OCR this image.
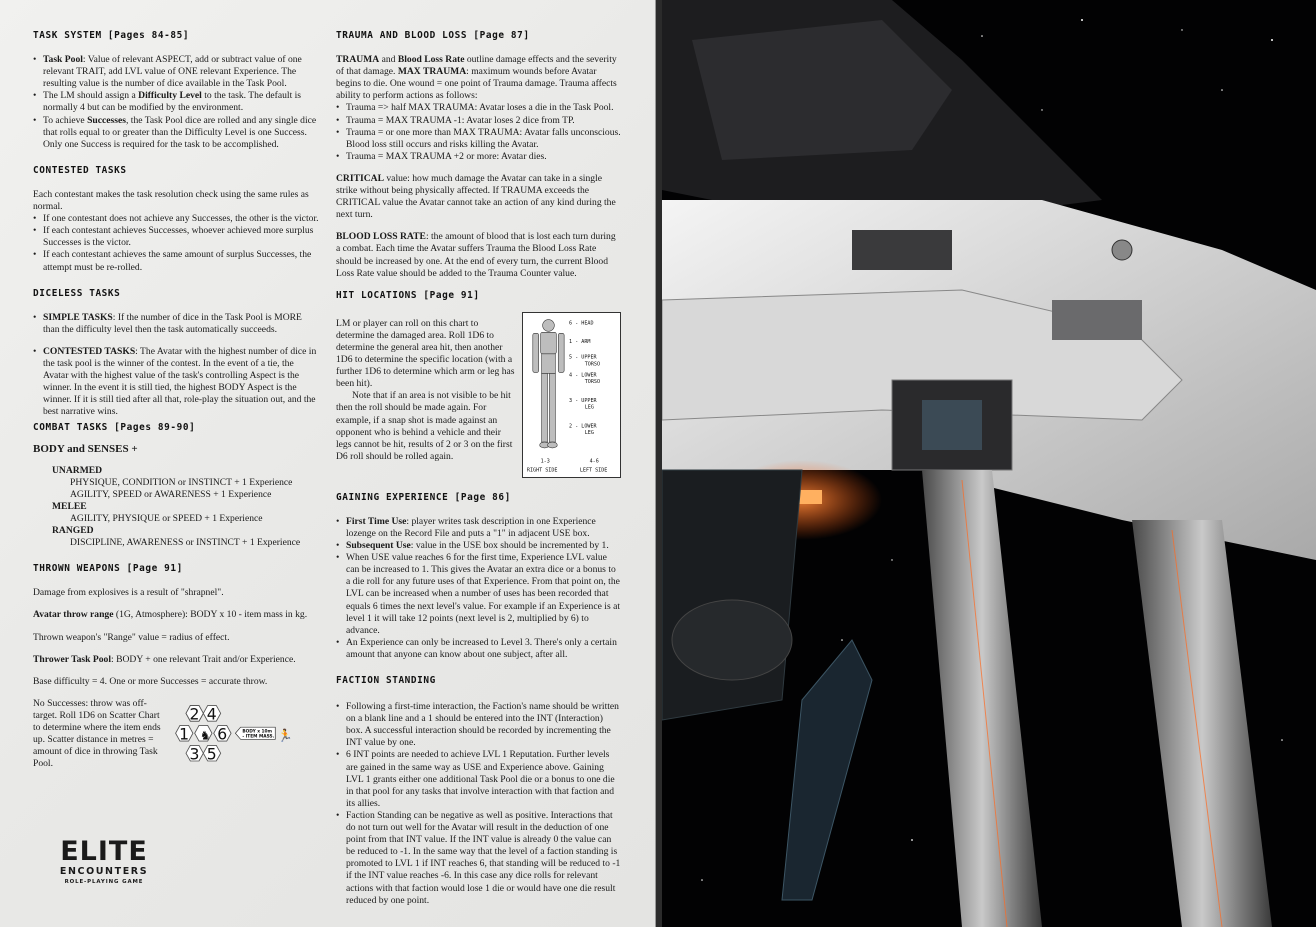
TASK SYSTEM [Pages 84-85]
• Task Pool: Value of relevant ASPECT, add or subtract value of one relevant TRAIT, add LVL value of ONE relevant Experience. The resulting value is the number of dice available in the Task Pool.
• The LM should assign a Difficulty Level to the task. The default is normally 4 but can be modified by the environment.
• To achieve Successes, the Task Pool dice are rolled and any single dice that rolls equal to or greater than the Difficulty Level is one Success. Only one Success is required for the task to be accomplished.
CONTESTED TASKS

Each contestant makes the task resolution check using the same rules as normal.

• If one contestant does not achieve any Successes, the other is the victor.
• If each contestant achieves Successes, whoever achieved more surplus Successes is the victor.
• If each contestant achieves the same amount of surplus Successes, the attempt must be re-rolled.
DICELESS TASKS
• SIMPLE TASKS: If the number of dice in the Task Pool is MORE than the difficulty level then the task automatically succeeds.
• CONTESTED TASKS: The Avatar with the highest number of dice in the task pool is the winner of the contest. In the event of a tie, the Avatar with the highest value of the task's controlling Aspect is the winner. In the event it is still tied, the highest BODY Aspect is the winner. If it is still tied after all that, role-play the situation out, and the best narrative wins.
COMBAT TASKS [Pages 89-90]
BODY and SENSES +
UNARMED
PHYSIQUE, CONDITION or INSTINCT + 1 Experience
AGILITY, SPEED or AWARENESS + 1 Experience
MELEE
AGILITY, PHYSIQUE or SPEED + 1 Experience
RANGED
DISCIPLINE, AWARENESS or INSTINCT + 1 Experience
THROWN WEAPONS [Page 91]

Damage from explosives is a result of "shrapnel".

Avatar throw range (1G, Atmosphere): BODY x 10 - item mass in kg.

Thrown weapon's "Range" value = radius of effect.

Thrower Task Pool: BODY + one relevant Trait and/or Experience.

Base difficulty = 4. One or more Successes = accurate throw.

No Successes: throw was off-target. Roll 1D6 on Scatter Chart to determine where the item ends up. Scatter distance in metres = amount of dice in throwing Task Pool.
2 4
1 ♞ 6
3 5
BODY x 10m
- ITEM MASS. 🏃
TRAUMA AND BLOOD LOSS [Page 87]

TRAUMA and Blood Loss Rate outline damage effects and the severity of that damage. MAX TRAUMA: maximum wounds before Avatar begins to die. One wound = one point of Trauma damage. Trauma affects ability to perform actions as follows:

• Trauma => half MAX TRAUMA: Avatar loses a die in the Task Pool.
• Trauma = MAX TRAUMA -1: Avatar loses 2 dice from TP.
• Trauma = or one more than MAX TRAUMA: Avatar falls unconscious. Blood loss still occurs and risks killing the Avatar.
• Trauma = MAX TRAUMA +2 or more: Avatar dies.

CRITICAL value: how much damage the Avatar can take in a single strike without being physically affected. If TRAUMA exceeds the CRITICAL value the Avatar cannot take an action of any kind during the next turn.

BLOOD LOSS RATE: the amount of blood that is lost each turn during a combat. Each time the Avatar suffers Trauma the Blood Loss Rate should be increased by one. At the end of every turn, the current Blood Loss Rate value should be added to the Trauma Counter value.

HIT LOCATIONS [Page 91]

LM or player can roll on this chart to determine the damaged area. Roll 1D6 to determine the general area hit, then another 1D6 to determine the specific location (with a further 1D6 to determine which arm or leg has been hit).

Note that if an area is not visible to be hit then the roll should be made again. For example, if a snap shot is made against an opponent who is behind a vehicle and their legs cannot be hit, results of 2 or 3 on the first D6 roll should be rolled again.

6 - HEAD
1 - ARM
5 - UPPER
TORSO
4 - LOWER
TORSO
3 - UPPER
LEG
2 - LOWER
LEG
1-3	4-6
RIGHT SIDE	LEFT SIDE
GAINING EXPERIENCE [Page 86]
• First Time Use: player writes task description in one Experience lozenge on the Record File and puts a "1" in adjacent USE box.
• Subsequent Use: value in the USE box should be incremented by 1.
• When USE value reaches 6 for the first time, Experience LVL value can be increased to 1. This gives the Avatar an extra dice or a bonus to a die roll for any future uses of that Experience. From that point on, the LVL can be increased when a number of uses has been recorded that equals 6 times the next level's value. For example if an Experience is at level 1 it will take 12 points (next level is 2, multiplied by 6) to advance.
• An Experience can only be increased to Level 3. There's only a certain amount that anyone can know about one subject, after all.
FACTION STANDING
• Following a first-time interaction, the Faction's name should be written on a blank line and a 1 should be entered into the INT (Interaction) box. A successful interaction should be recorded by incrementing the INT value by one.
• 6 INT points are needed to achieve LVL 1 Reputation. Further levels are gained in the same way as USE and Experience above. Gaining LVL 1 grants either one additional Task Pool die or a bonus to one die in that pool for any tasks that involve interaction with that faction and its allies.
• Faction Standing can be negative as well as positive. Interactions that do not turn out well for the Avatar will result in the deduction of one point from that INT value. If the INT value is already 0 the value can be reduced to -1. In the same way that the level of a faction standing is promoted to LVL 1 if INT reaches 6, that standing will be reduced to -1 if the INT value reaches -6. In this case any dice rolls for relevant actions with that faction would lose 1 die or would have one die result reduced by one point.
ELITE
ENCOUNTERS
ROLE-PLAYING GAME
